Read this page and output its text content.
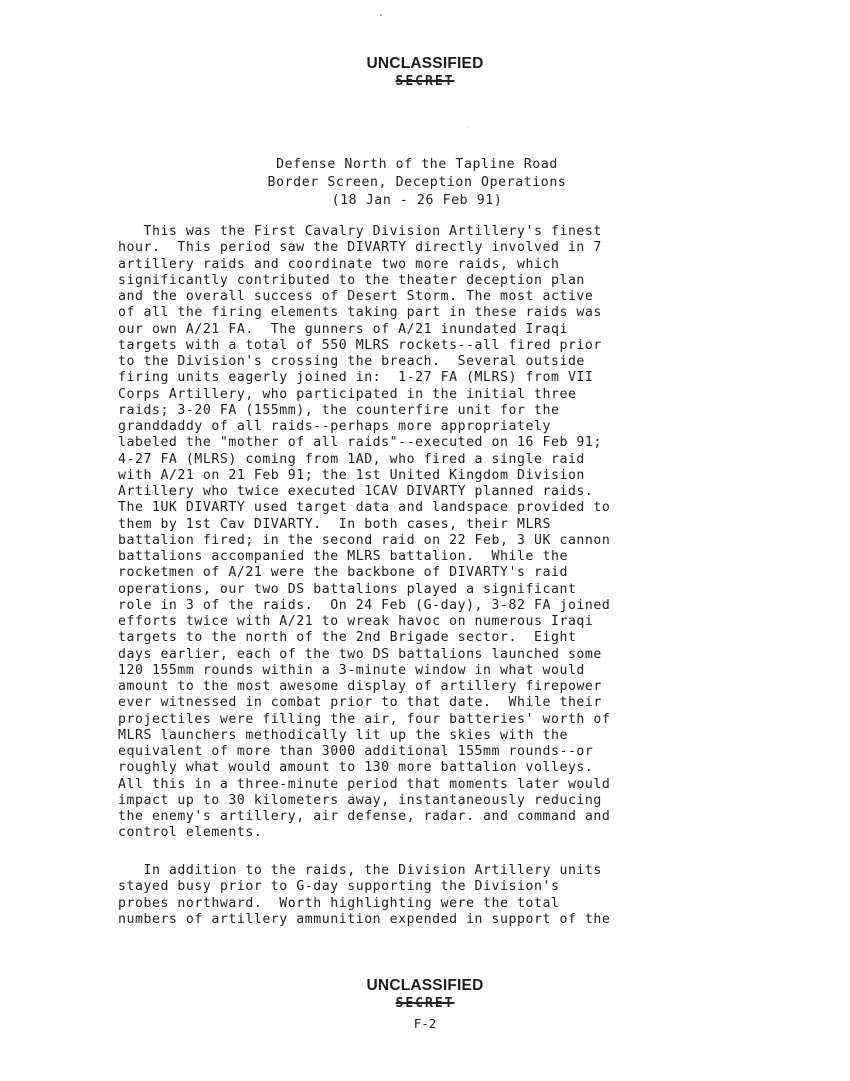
UNCLASSIFIED
SECRET
Defense North of the Tapline Road
Border Screen, Deception Operations
(18 Jan - 26 Feb 91)
This was the First Cavalry Division Artillery's finest
hour.  This period saw the DIVARTY directly involved in 7
artillery raids and coordinate two more raids, which
significantly contributed to the theater deception plan
and the overall success of Desert Storm. The most active
of all the firing elements taking part in these raids was
our own A/21 FA.  The gunners of A/21 inundated Iraqi
targets with a total of 550 MLRS rockets--all fired prior
to the Division's crossing the breach.  Several outside
firing units eagerly joined in:  1-27 FA (MLRS) from VII
Corps Artillery, who participated in the initial three
raids; 3-20 FA (155mm), the counterfire unit for the
granddaddy of all raids--perhaps more appropriately
labeled the "mother of all raids"--executed on 16 Feb 91;
4-27 FA (MLRS) coming from 1AD, who fired a single raid
with A/21 on 21 Feb 91; the 1st United Kingdom Division
Artillery who twice executed 1CAV DIVARTY planned raids.
The 1UK DIVARTY used target data and landspace provided to
them by 1st Cav DIVARTY.  In both cases, their MLRS
battalion fired; in the second raid on 22 Feb, 3 UK cannon
battalions accompanied the MLRS battalion.  While the
rocketmen of A/21 were the backbone of DIVARTY's raid
operations, our two DS battalions played a significant
role in 3 of the raids.  On 24 Feb (G-day), 3-82 FA joined
efforts twice with A/21 to wreak havoc on numerous Iraqi
targets to the north of the 2nd Brigade sector.  Eight
days earlier, each of the two DS battalions launched some
120 155mm rounds within a 3-minute window in what would
amount to the most awesome display of artillery firepower
ever witnessed in combat prior to that date.  While their
projectiles were filling the air, four batteries' worth of
MLRS launchers methodically lit up the skies with the
equivalent of more than 3000 additional 155mm rounds--or
roughly what would amount to 130 more battalion volleys.
All this in a three-minute period that moments later would
impact up to 30 kilometers away, instantaneously reducing
the enemy's artillery, air defense, radar. and command and
control elements.
In addition to the raids, the Division Artillery units
stayed busy prior to G-day supporting the Division's
probes northward.  Worth highlighting were the total
numbers of artillery ammunition expended in support of the
UNCLASSIFIED
SECRET
F-2
